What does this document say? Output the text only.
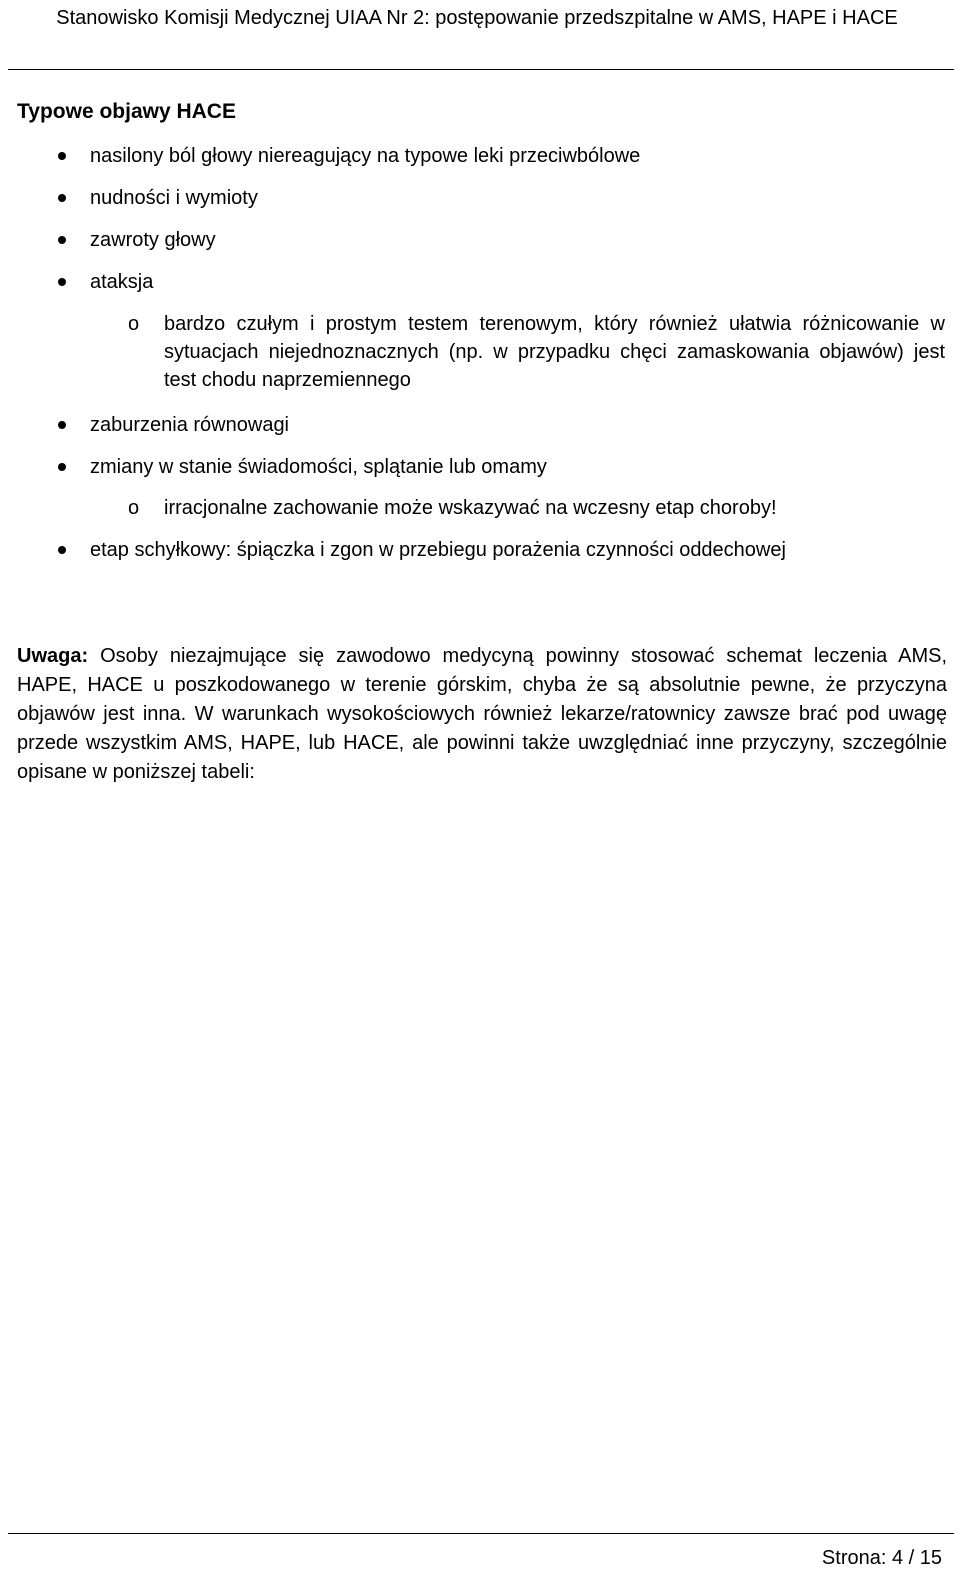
Stanowisko Komisji Medycznej UIAA Nr 2: postępowanie przedszpitalne w AMS, HAPE i HACE
Typowe objawy HACE
nasilony ból głowy niereagujący na typowe leki przeciwbólowe
nudności i wymioty
zawroty głowy
ataksja
o bardzo czułym i prostym testem terenowym, który również ułatwia różnicowanie w sytuacjach niejednoznacznych (np. w przypadku chęci zamaskowania objawów) jest test chodu naprzemiennego
zaburzenia równowagi
zmiany w stanie świadomości, splątanie lub omamy
o irracjonalne zachowanie może wskazywać na wczesny etap choroby!
etap schyłkowy: śpiączka i zgon w przebiegu porażenia czynności oddechowej
Uwaga: Osoby niezajmujące się zawodowo medycyną powinny stosować schemat leczenia AMS, HAPE, HACE u poszkodowanego w terenie górskim, chyba że są absolutnie pewne, że przyczyna objawów jest inna. W warunkach wysokościowych również lekarze/ratownicy zawsze brać pod uwagę przede wszystkim AMS, HAPE, lub HACE, ale powinni także uwzględniać inne przyczyny, szczególnie opisane w poniższej tabeli:
Strona: 4 / 15
